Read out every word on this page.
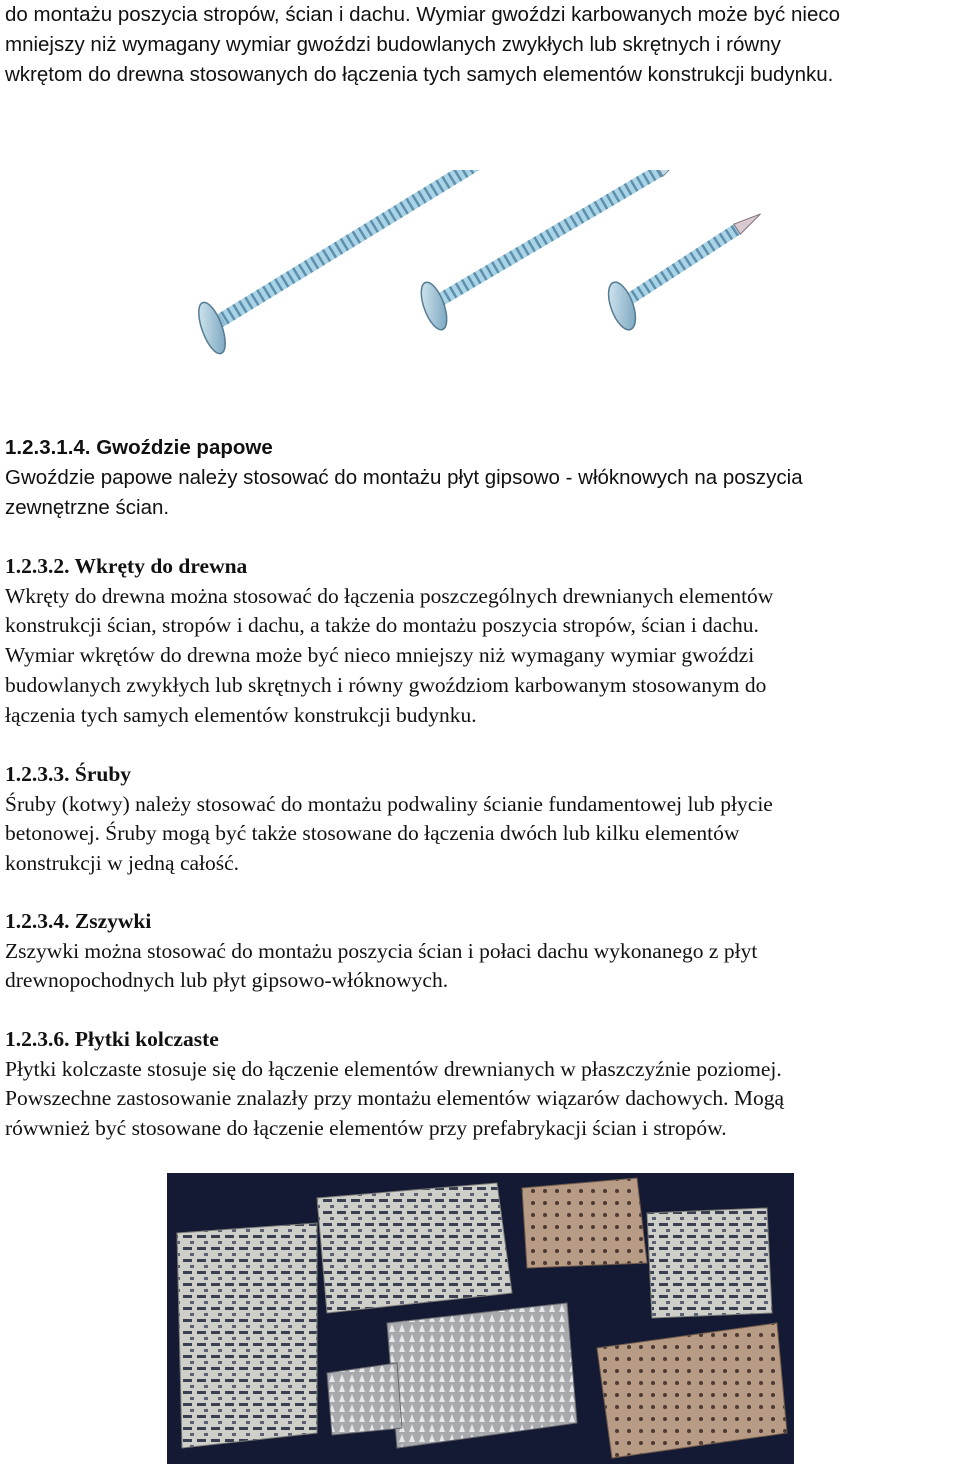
do montażu poszycia stropów, ścian i dachu. Wymiar gwoździ karbowanych może być nieco
mniejszy niż wymagany wymiar gwoździ budowlanych zwykłych lub skrętnych i równy
wkrętom do drewna stosowanych do łączenia tych samych elementów konstrukcji budynku.
1.2.3.1.4. Gwoździe papowe
Gwoździe papowe należy stosować do montażu płyt gipsowo - włóknowych na poszycia
zewnętrzne ścian.
1.2.3.2. Wkręty do drewna
Wkręty do drewna można stosować do łączenia poszczególnych drewnianych elementów
konstrukcji ścian, stropów i dachu, a także do montażu poszycia stropów, ścian i dachu.
Wymiar wkrętów do drewna może być nieco mniejszy niż wymagany wymiar gwoździ
budowlanych zwykłych lub skrętnych i równy gwoździom karbowanym stosowanym do
łączenia tych samych elementów konstrukcji budynku.
1.2.3.3. Śruby
Śruby (kotwy) należy stosować do montażu podwaliny ścianie fundamentowej lub płycie
betonowej. Śruby mogą być także stosowane do łączenia dwóch lub kilku elementów
konstrukcji w jedną całość.
1.2.3.4. Zszywki
Zszywki można stosować do montażu poszycia ścian i połaci dachu wykonanego z płyt
drewnopochodnych lub płyt gipsowo-włóknowych.
1.2.3.6. Płytki kolczaste
Płytki kolczaste stosuje się do łączenie elementów drewnianych w płaszczyźnie poziomej.
Powszechne zastosowanie znalazły przy montażu elementów wiązarów dachowych. Mogą
rówwnież być stosowane do łączenie elementów przy prefabrykacji ścian i stropów.
